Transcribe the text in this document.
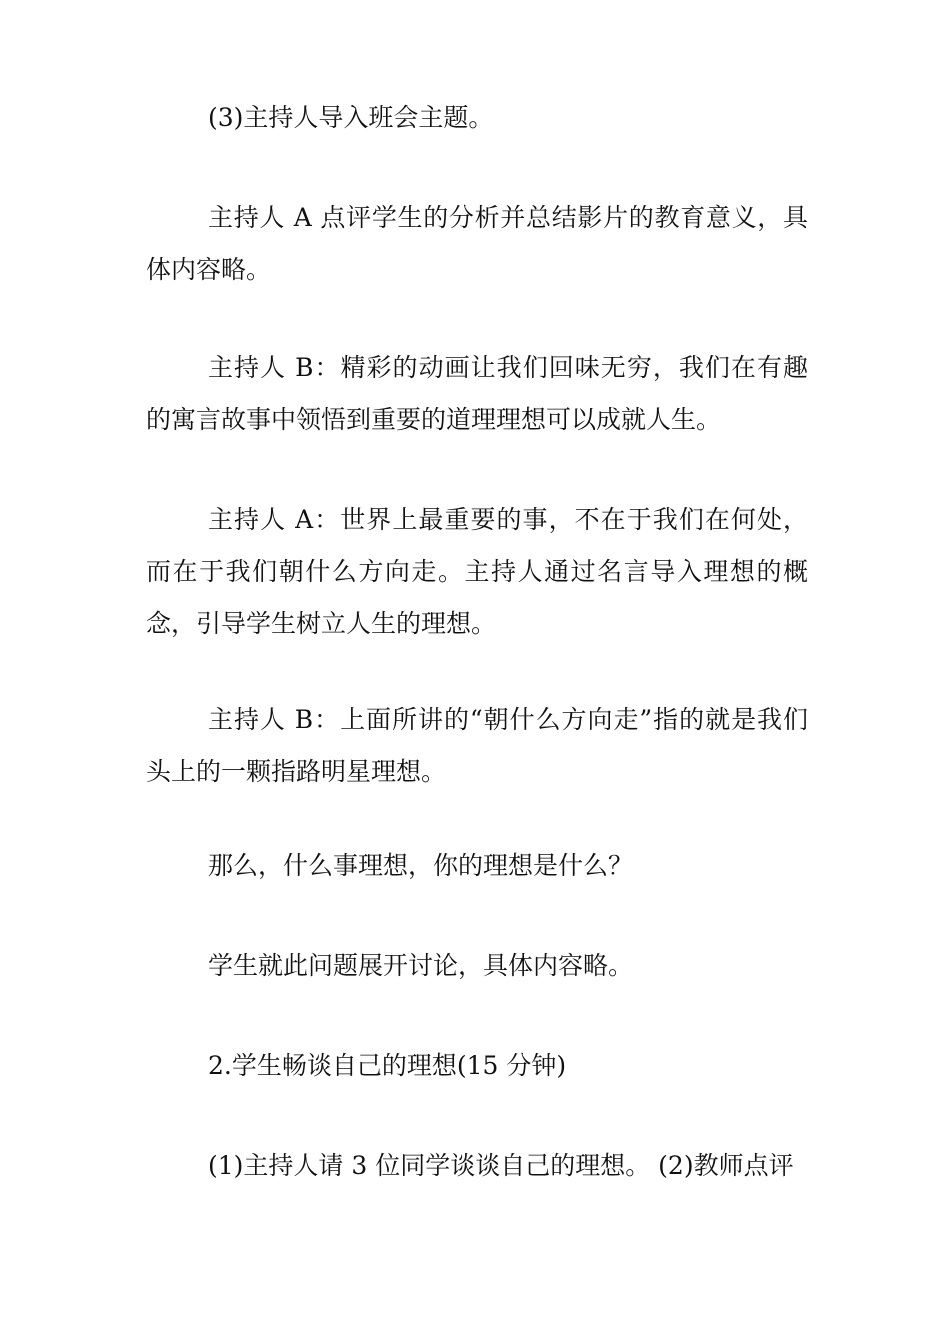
(3)主持人导入班会主题。

主持人 A 点评学生的分析并总结影片的教育意义，具体内容略。

主持人 B：精彩的动画让我们回味无穷，我们在有趣的寓言故事中领悟到重要的道理理想可以成就人生。

主持人 A：世界上最重要的事，不在于我们在何处，而在于我们朝什么方向走。主持人通过名言导入理想的概念，引导学生树立人生的理想。

主持人 B：上面所讲的“朝什么方向走”指的就是我们头上的一颗指路明星理想。

那么，什么事理想，你的理想是什么？

学生就此问题展开讨论，具体内容略。

2.学生畅谈自己的理想(15 分钟)

(1)主持人请 3 位同学谈谈自己的理想。 (2)教师点评
